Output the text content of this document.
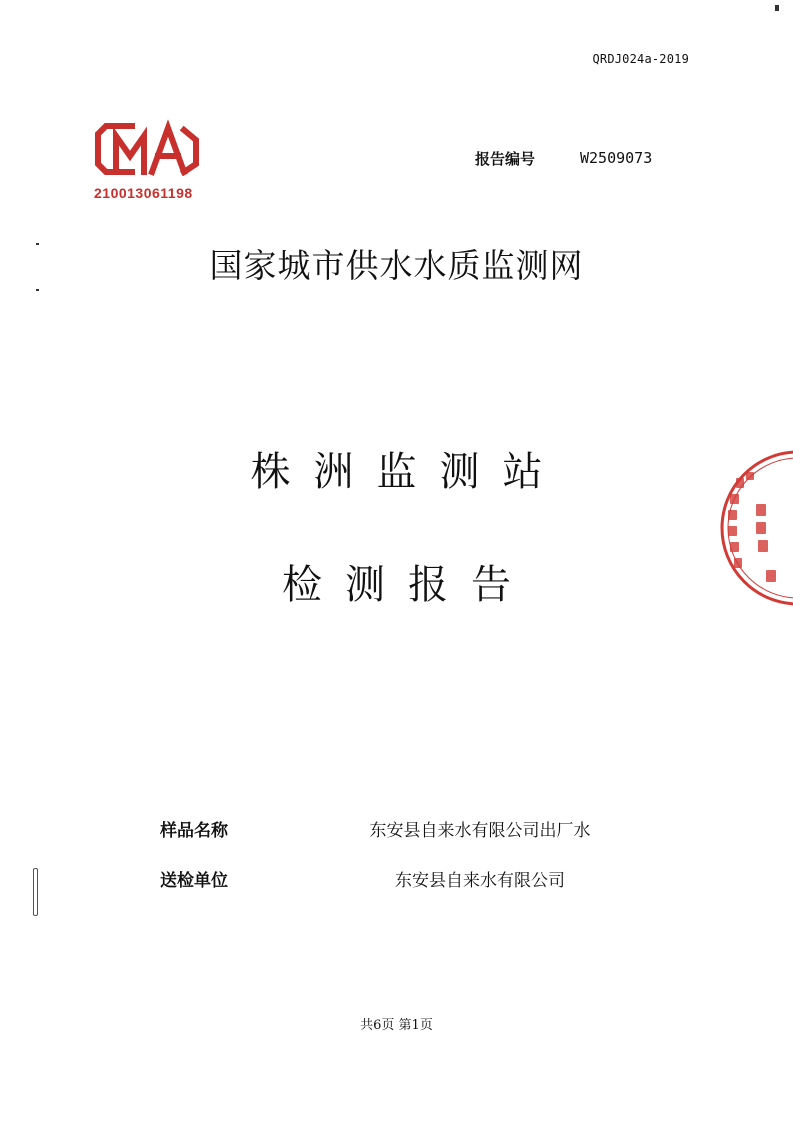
QRDJ024a-2019
210013061198
报告编号	W2509073
国家城市供水水质监测网
株洲监测站
检测报告
样品名称	东安县自来水有限公司出厂水
送检单位	东安县自来水有限公司
共6页 第1页
